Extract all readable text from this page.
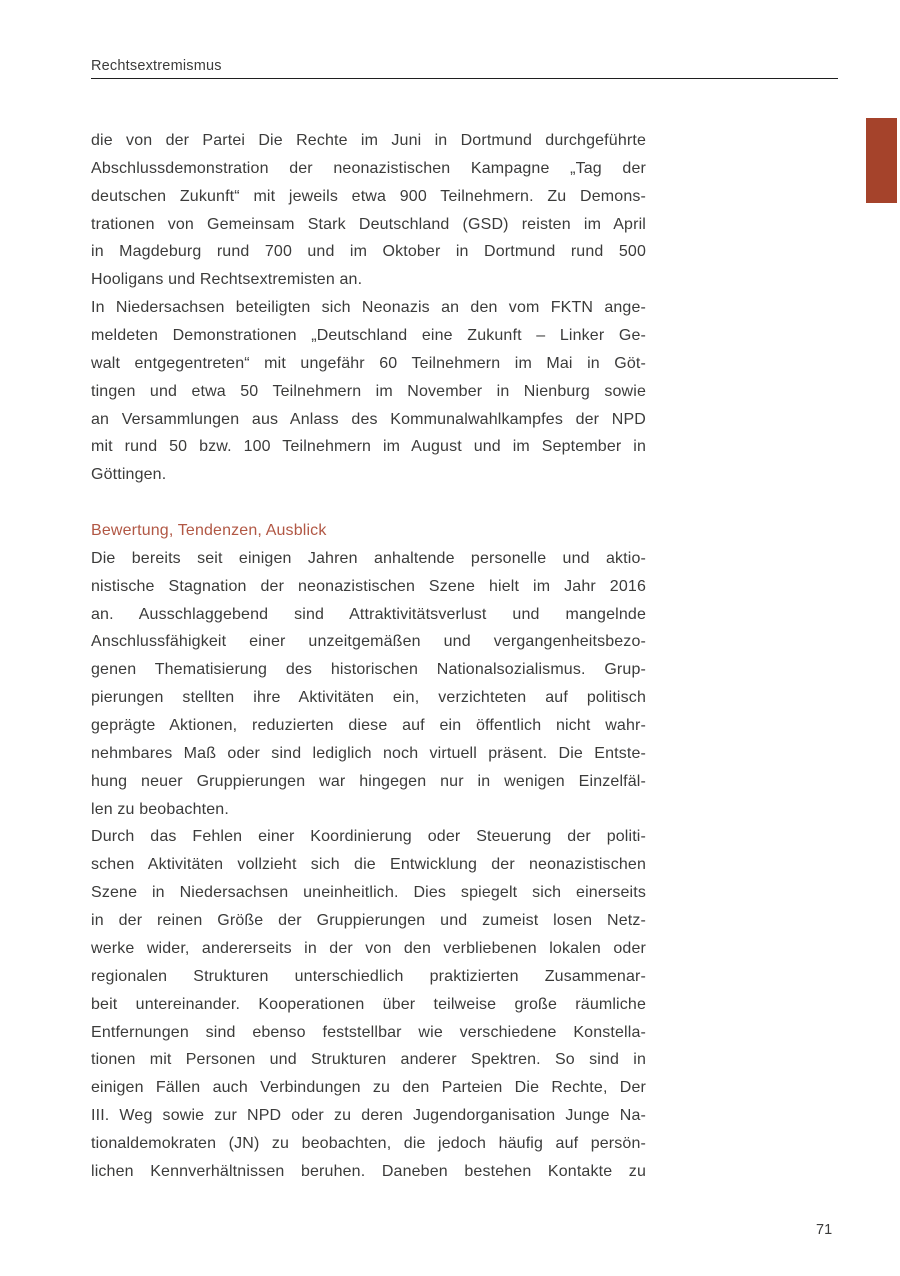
Rechtsextremismus
die von der Partei Die Rechte im Juni in Dortmund durchgeführte
Abschlussdemonstration der neonazistischen Kampagne „Tag der
deutschen Zukunft“ mit jeweils etwa 900 Teilnehmern. Zu Demons-
trationen von Gemeinsam Stark Deutschland (GSD) reisten im April
in Magdeburg rund 700 und im Oktober in Dortmund rund 500
Hooligans und Rechtsextremisten an.
In Niedersachsen beteiligten sich Neonazis an den vom FKTN ange-
meldeten Demonstrationen „Deutschland eine Zukunft – Linker Ge-
walt entgegentreten“ mit ungefähr 60 Teilnehmern im Mai in Göt-
tingen und etwa 50 Teilnehmern im November in Nienburg sowie
an Versammlungen aus Anlass des Kommunalwahlkampfes der NPD
mit rund 50 bzw. 100 Teilnehmern im August und im September in
Göttingen.
Bewertung, Tendenzen, Ausblick
Die bereits seit einigen Jahren anhaltende personelle und aktio-
nistische Stagnation der neonazistischen Szene hielt im Jahr 2016
an. Ausschlaggebend sind Attraktivitätsverlust und mangelnde
Anschlussfähigkeit einer unzeitgemäßen und vergangenheitsbezo-
genen Thematisierung des historischen Nationalsozialismus. Grup-
pierungen stellten ihre Aktivitäten ein, verzichteten auf politisch
geprägte Aktionen, reduzierten diese auf ein öffentlich nicht wahr-
nehmbares Maß oder sind lediglich noch virtuell präsent. Die Entste-
hung neuer Gruppierungen war hingegen nur in wenigen Einzelfäl-
len zu beobachten.
Durch das Fehlen einer Koordinierung oder Steuerung der politi-
schen Aktivitäten vollzieht sich die Entwicklung der neonazistischen
Szene in Niedersachsen uneinheitlich. Dies spiegelt sich einerseits
in der reinen Größe der Gruppierungen und zumeist losen Netz-
werke wider, andererseits in der von den verbliebenen lokalen oder
regionalen Strukturen unterschiedlich praktizierten Zusammenar-
beit untereinander. Kooperationen über teilweise große räumliche
Entfernungen sind ebenso feststellbar wie verschiedene Konstella-
tionen mit Personen und Strukturen anderer Spektren. So sind in
einigen Fällen auch Verbindungen zu den Parteien Die Rechte, Der
III. Weg sowie zur NPD oder zu deren Jugendorganisation Junge Na-
tionaldemokraten (JN) zu beobachten, die jedoch häufig auf persön-
lichen Kennverhältnissen beruhen. Daneben bestehen Kontakte zu
71
